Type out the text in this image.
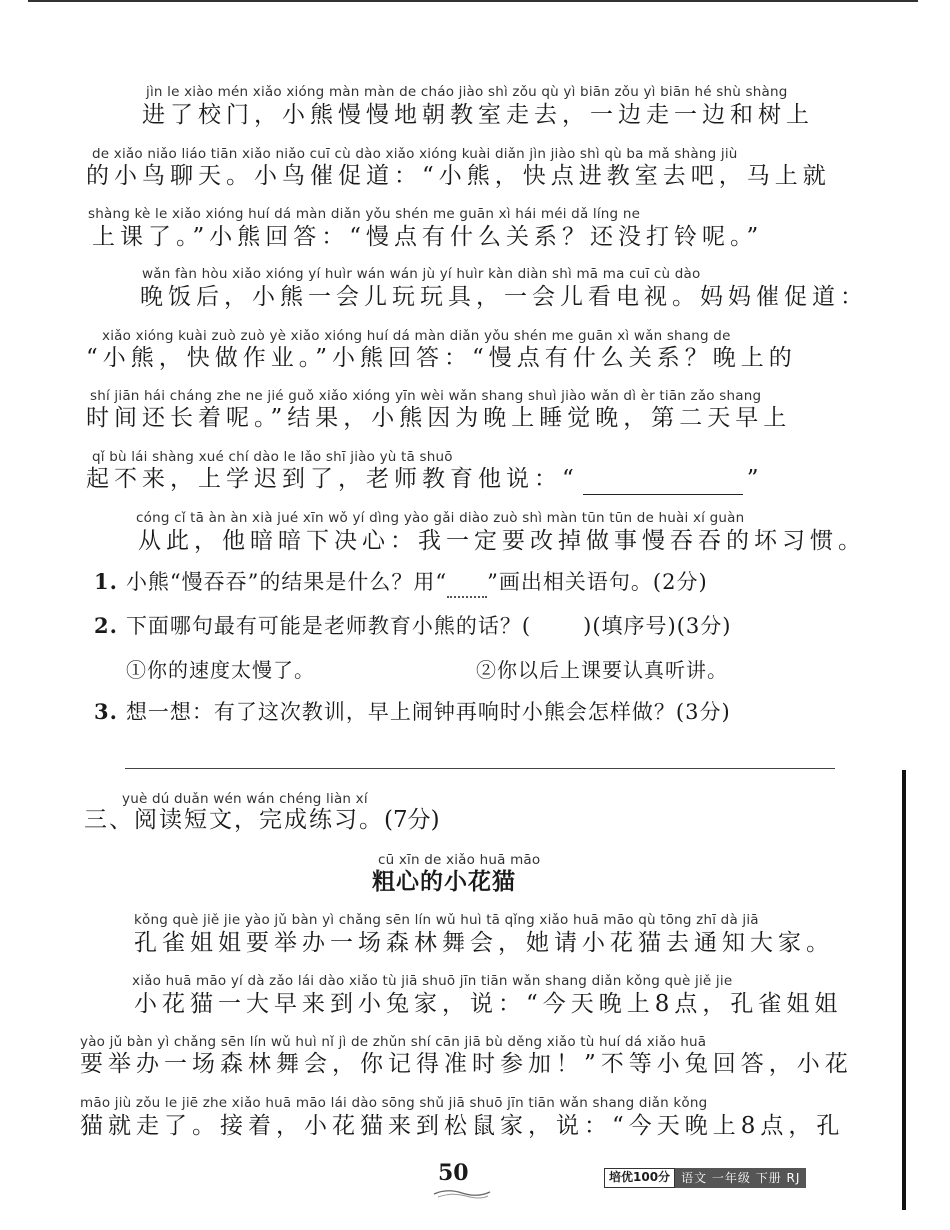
jìn le xiào mén xiǎo xióng màn màn de cháo jiào shì zǒu qù yì biān zǒu yì biān hé shù shàng
进了校门，小熊慢慢地朝教室走去，一边走一边和树上
de xiǎo niǎo liáo tiān xiǎo niǎo cuī cù dào xiǎo xióng kuài diǎn jìn jiào shì qù ba mǎ shàng jiù
的小鸟聊天。小鸟催促道：“小熊，快点进教室去吧，马上就
shàng kè le xiǎo xióng huí dá màn diǎn yǒu shén me guān xì hái méi dǎ líng ne
上课了。”小熊回答：“慢点有什么关系？还没打铃呢。”
wǎn fàn hòu xiǎo xióng yí huìr wán wán jù yí huìr kàn diàn shì mā ma cuī cù dào
晚饭后，小熊一会儿玩玩具，一会儿看电视。妈妈催促道：
xiǎo xióng kuài zuò zuò yè xiǎo xióng huí dá màn diǎn yǒu shén me guān xì wǎn shang de
“小熊，快做作业。”小熊回答：“慢点有什么关系？晚上的
shí jiān hái cháng zhe ne jié guǒ xiǎo xióng yīn wèi wǎn shang shuì jiào wǎn dì èr tiān zǎo shang
时间还长着呢。”结果，小熊因为晚上睡觉晚，第二天早上
qǐ bù lái shàng xué chí dào le lǎo shī jiào yù tā shuō
起不来，上学迟到了，老师教育他说：“	”
cóng cǐ tā àn àn xià jué xīn wǒ yí dìng yào gǎi diào zuò shì màn tūn tūn de huài xí guàn
从此，他暗暗下决心：我一定要改掉做事慢吞吞的坏习惯。
1. 小熊“慢吞吞”的结果是什么？用“ ”画出相关语句。(2分)
2. 下面哪句最有可能是老师教育小熊的话？( )(填序号)(3分)
①你的速度太慢了。	②你以后上课要认真听讲。
3. 想一想：有了这次教训，早上闹钟再响时小熊会怎样做？(3分)
yuè dú duǎn wén wán chéng liàn xí
三、阅读短文，完成练习。(7分)
cū xīn de xiǎo huā māo
粗心的小花猫
kǒng què jiě jie yào jǔ bàn yì chǎng sēn lín wǔ huì tā qǐng xiǎo huā māo qù tōng zhī dà jiā
孔雀姐姐要举办一场森林舞会，她请小花猫去通知大家。
xiǎo huā māo yí dà zǎo lái dào xiǎo tù jiā shuō jīn tiān wǎn shang diǎn kǒng què jiě jie
小花猫一大早来到小兔家，说：“今天晚上8点，孔雀姐姐
yào jǔ bàn yì chǎng sēn lín wǔ huì nǐ jì de zhǔn shí cān jiā bù děng xiǎo tù huí dá xiǎo huā
要举办一场森林舞会，你记得准时参加！”不等小兔回答，小花
māo jiù zǒu le jiē zhe xiǎo huā māo lái dào sōng shǔ jiā shuō jīn tiān wǎn shang diǎn kǒng
猫就走了。接着，小花猫来到松鼠家，说：“今天晚上8点，孔
50	培优100分 语文 一年级 下册 RJ
